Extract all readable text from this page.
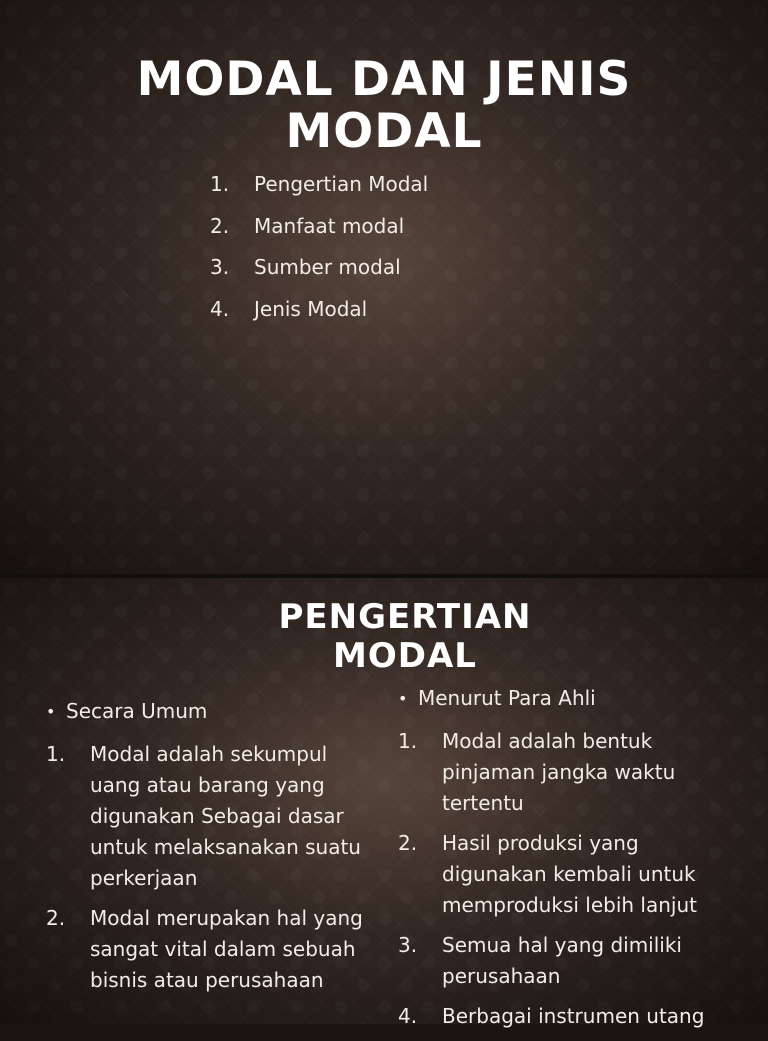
MODAL DAN JENIS MODAL
1. Pengertian Modal
2. Manfaat modal
3. Sumber modal
4. Jenis Modal
PENGERTIAN MODAL
• Secara Umum
1. Modal adalah sekumpul uang atau barang yang digunakan Sebagai dasar untuk melaksanakan suatu perkerjaan
2. Modal merupakan hal yang sangat vital dalam sebuah bisnis atau perusahaan
• Menurut Para Ahli
1. Modal adalah bentuk pinjaman jangka waktu tertentu
2. Hasil produksi yang digunakan kembali untuk memproduksi lebih lanjut
3. Semua hal yang dimiliki perusahaan
4. Berbagai instrumen utang
